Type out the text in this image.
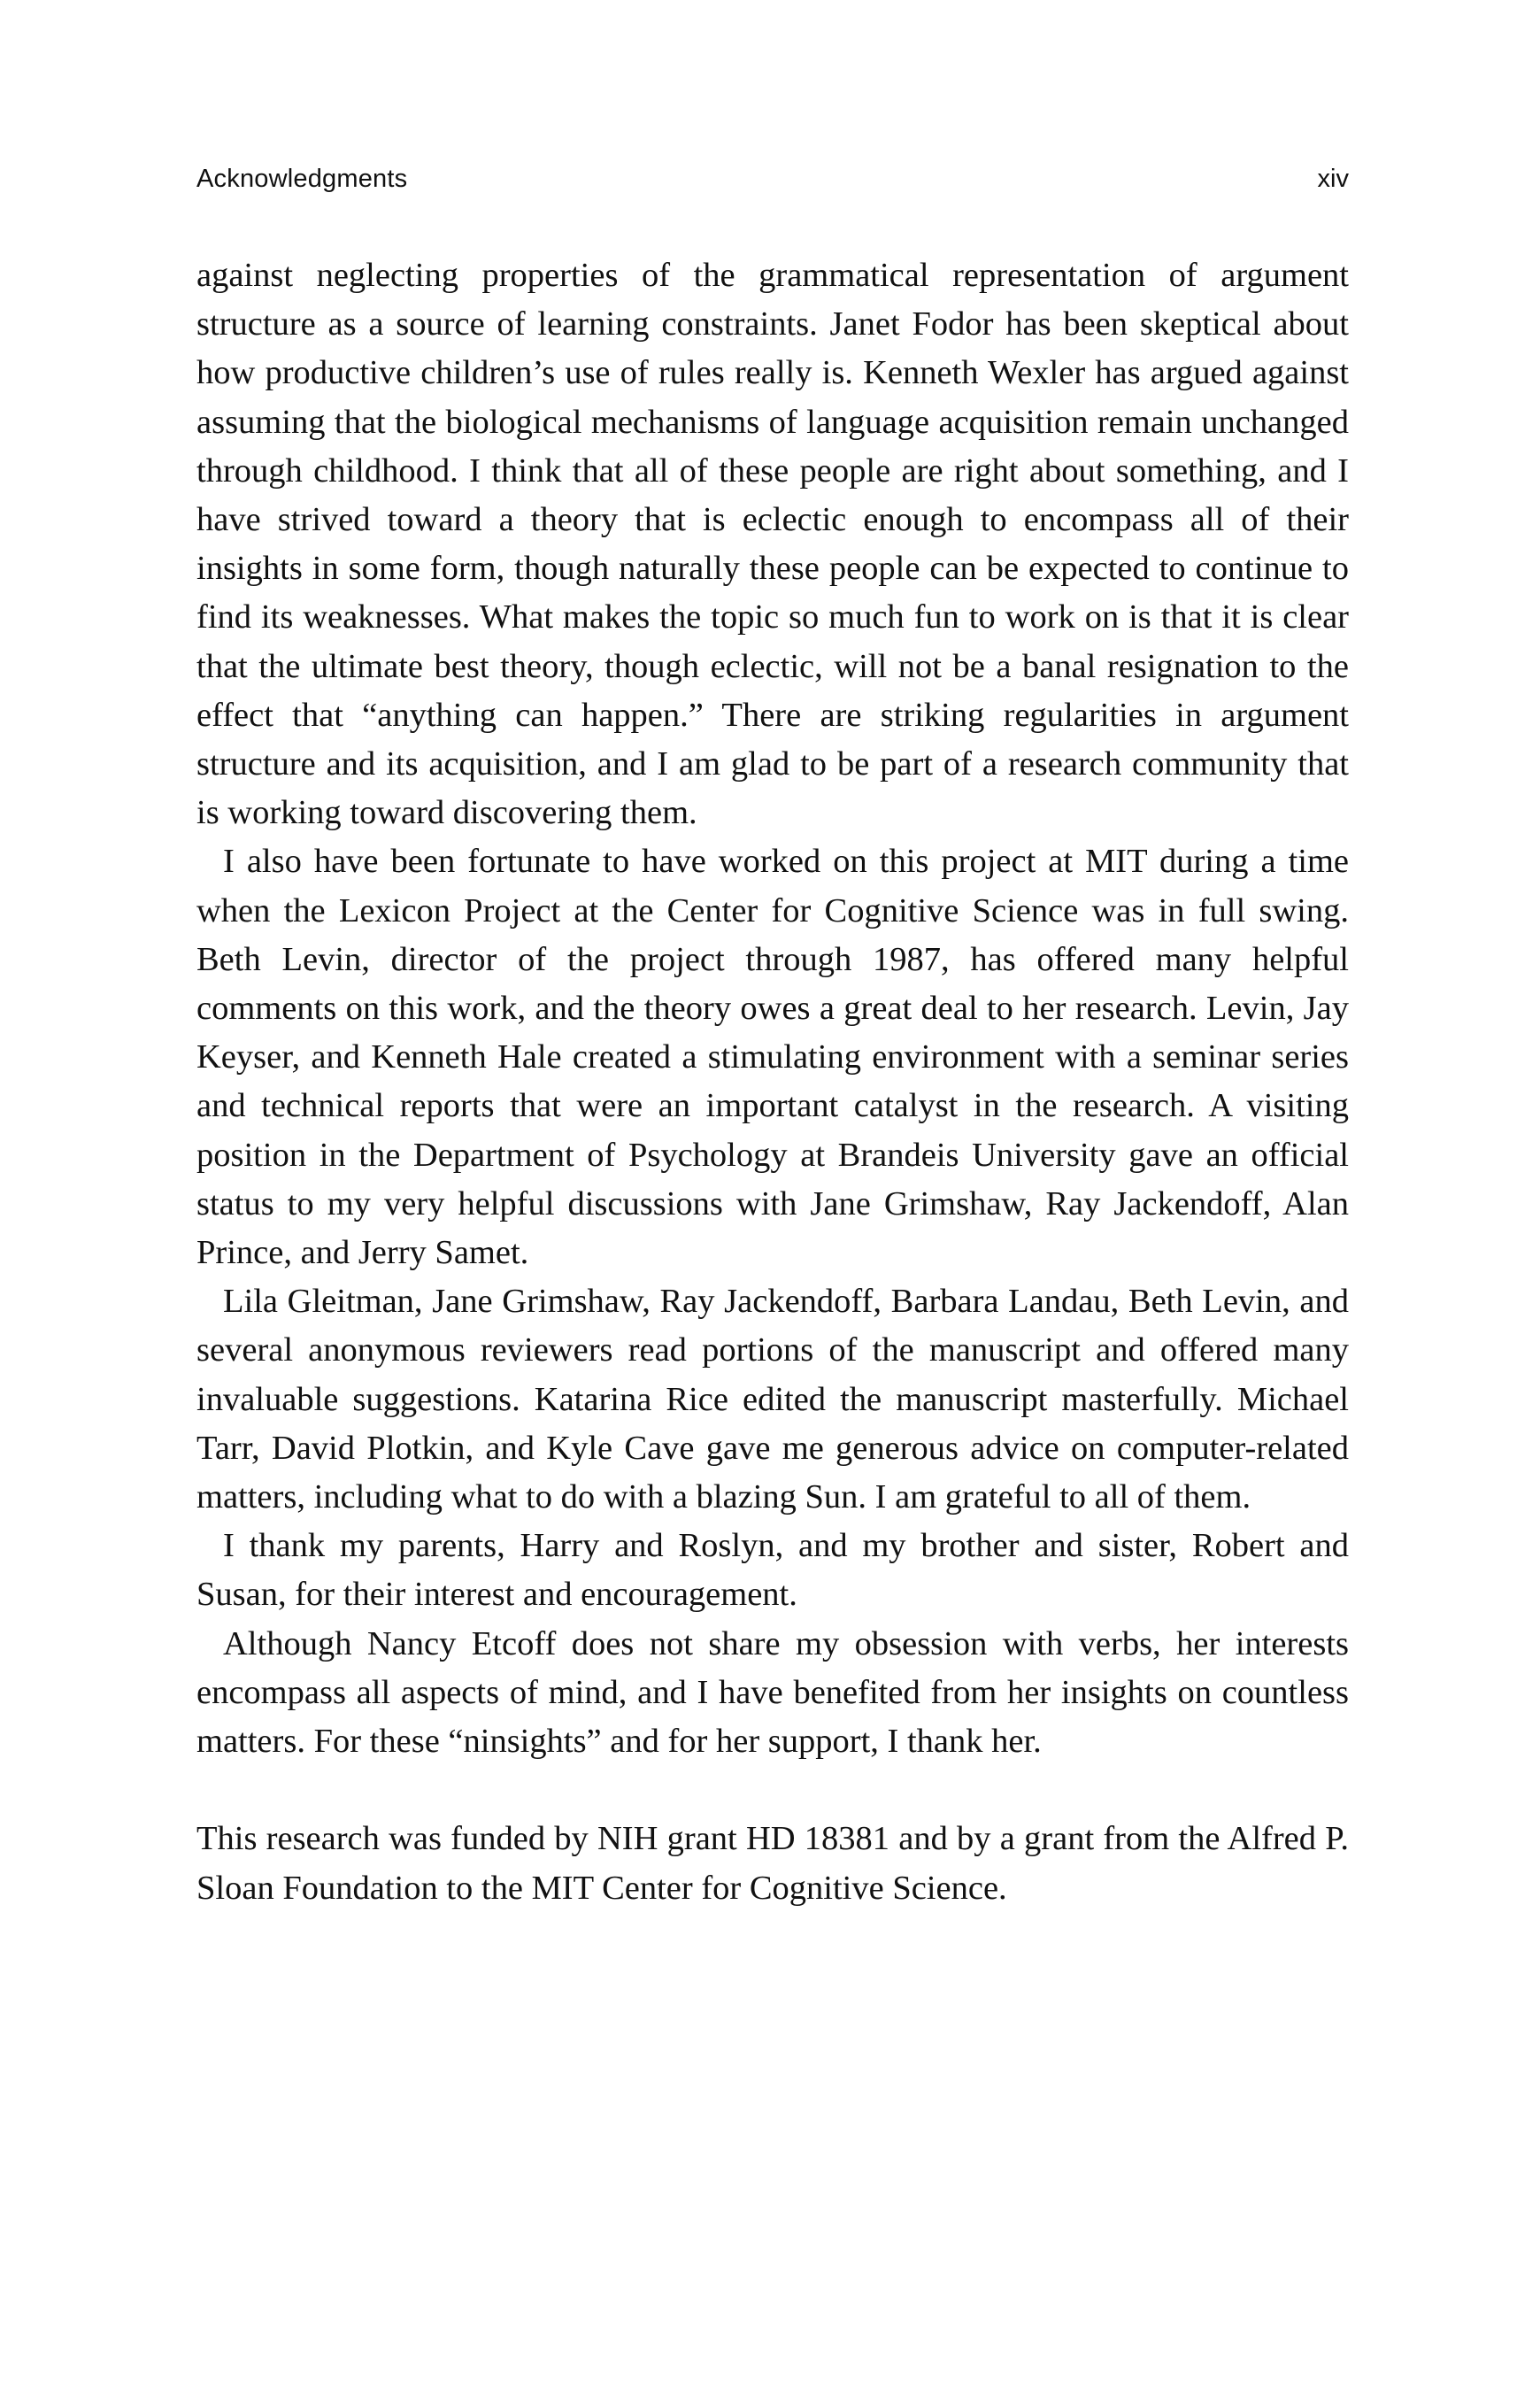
Acknowledgments	xiv

against neglecting properties of the grammatical representation of argument structure as a source of learning constraints. Janet Fodor has been skeptical about how productive children’s use of rules really is. Kenneth Wexler has argued against assuming that the biological mechanisms of language acquisition remain unchanged through childhood. I think that all of these people are right about something, and I have strived toward a theory that is eclectic enough to encompass all of their insights in some form, though naturally these people can be expected to continue to find its weaknesses. What makes the topic so much fun to work on is that it is clear that the ultimate best theory, though eclectic, will not be a banal resignation to the effect that “anything can happen.” There are striking regularities in argument structure and its acquisition, and I am glad to be part of a research community that is working toward discovering them.

I also have been fortunate to have worked on this project at MIT during a time when the Lexicon Project at the Center for Cognitive Science was in full swing. Beth Levin, director of the project through 1987, has offered many helpful comments on this work, and the theory owes a great deal to her research. Levin, Jay Keyser, and Kenneth Hale created a stimulating environment with a seminar series and technical reports that were an important catalyst in the research. A visiting position in the Department of Psychology at Brandeis University gave an official status to my very helpful discussions with Jane Grimshaw, Ray Jackendoff, Alan Prince, and Jerry Samet.

Lila Gleitman, Jane Grimshaw, Ray Jackendoff, Barbara Landau, Beth Levin, and several anonymous reviewers read portions of the manuscript and offered many invaluable suggestions. Katarina Rice edited the manuscript masterfully. Michael Tarr, David Plotkin, and Kyle Cave gave me generous advice on computer-related matters, including what to do with a blazing Sun. I am grateful to all of them.

I thank my parents, Harry and Roslyn, and my brother and sister, Robert and Susan, for their interest and encouragement.

Although Nancy Etcoff does not share my obsession with verbs, her interests encompass all aspects of mind, and I have benefited from her insights on countless matters. For these “ninsights” and for her support, I thank her.

This research was funded by NIH grant HD 18381 and by a grant from the Alfred P. Sloan Foundation to the MIT Center for Cognitive Science.
